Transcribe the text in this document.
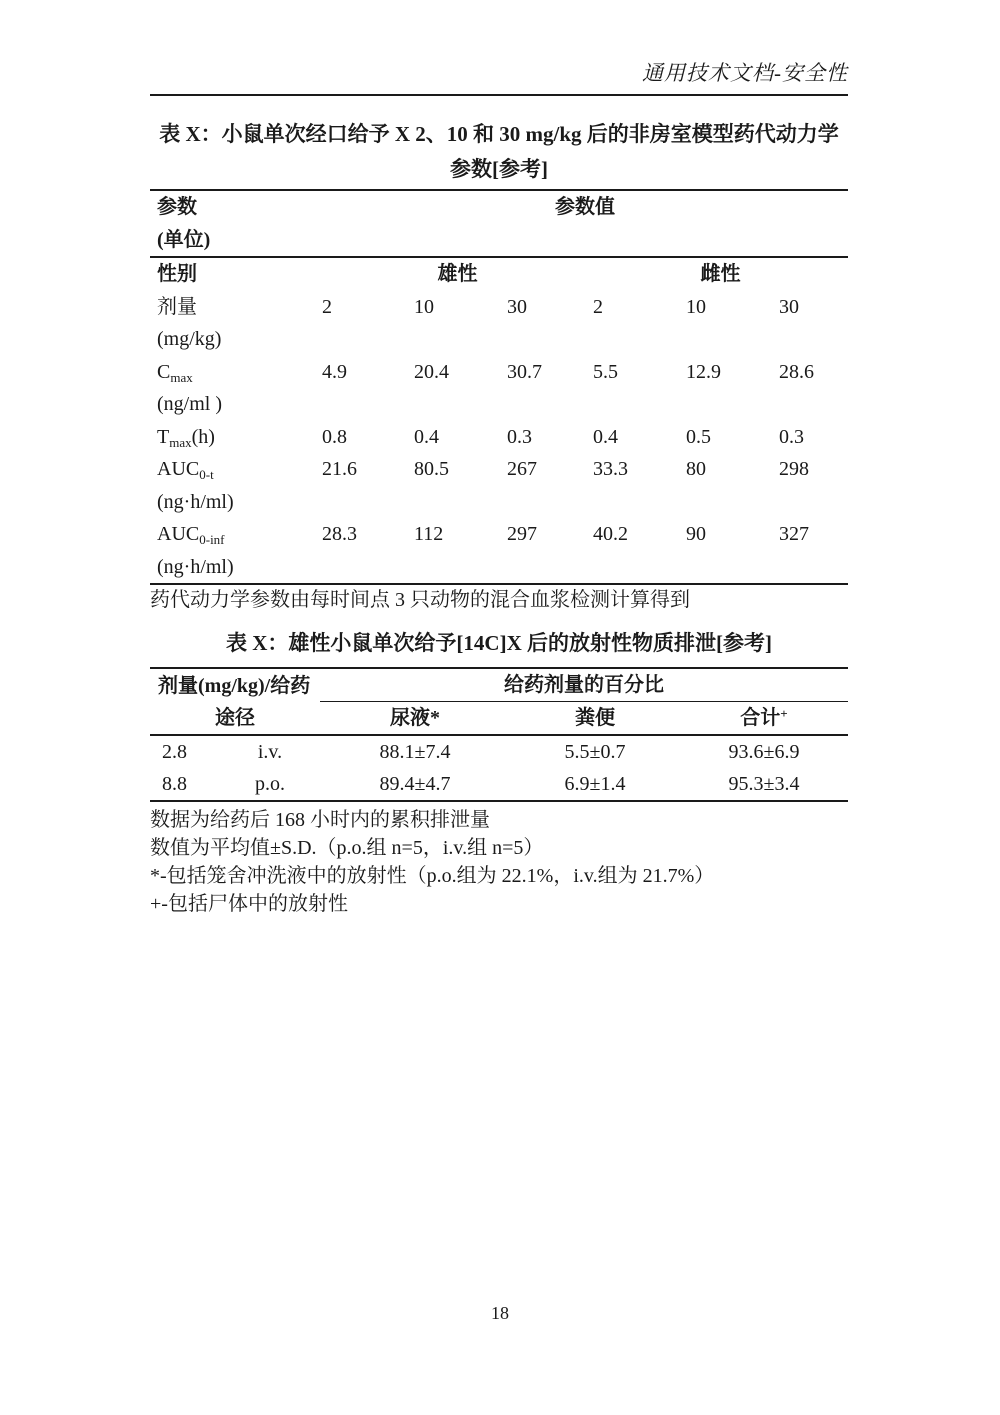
通用技术文档-安全性
表 X：小鼠单次经口给予 X 2、10 和 30 mg/kg 后的非房室模型药代动力学参数[参考]
参数
(单位)	参数值					
性别	雄性			雌性		

剂量
(mg/kg)	2	10	30	2	10	30

$C_{max}$
(ng/ml )	4.9	20.4	30.7	5.5	12.9	28.6

$T_{max}(h)$	0.8	0.4	0.3	0.4	0.5	0.3

$AUC_{0-t}$
(ng·h/ml)	21.6	80.5	267	33.3	80	298

$AUC_{0-inf}$
(ng·h/ml)	28.3	112	297	40.2	90	327
药代动力学参数由每时间点 3 只动物的混合血浆检测计算得到
表 X：雄性小鼠单次给予[14C]X 后的放射性物质排泄[参考]
剂量(mg/kg)/给药
途径		给药剂量的百分比		
		尿液*	粪便	合计+
2.8	i.v.	88.1±7.4	5.5±0.7	93.6±6.9
8.8	p.o.	89.4±4.7	6.9±1.4	95.3±3.4
数据为给药后 168 小时内的累积排泄量
数值为平均值±S.D.（p.o.组 n=5，i.v.组 n=5）
*-包括笼舍冲洗液中的放射性（p.o.组为 22.1%，i.v.组为 21.7%）
+-包括尸体中的放射性
18
